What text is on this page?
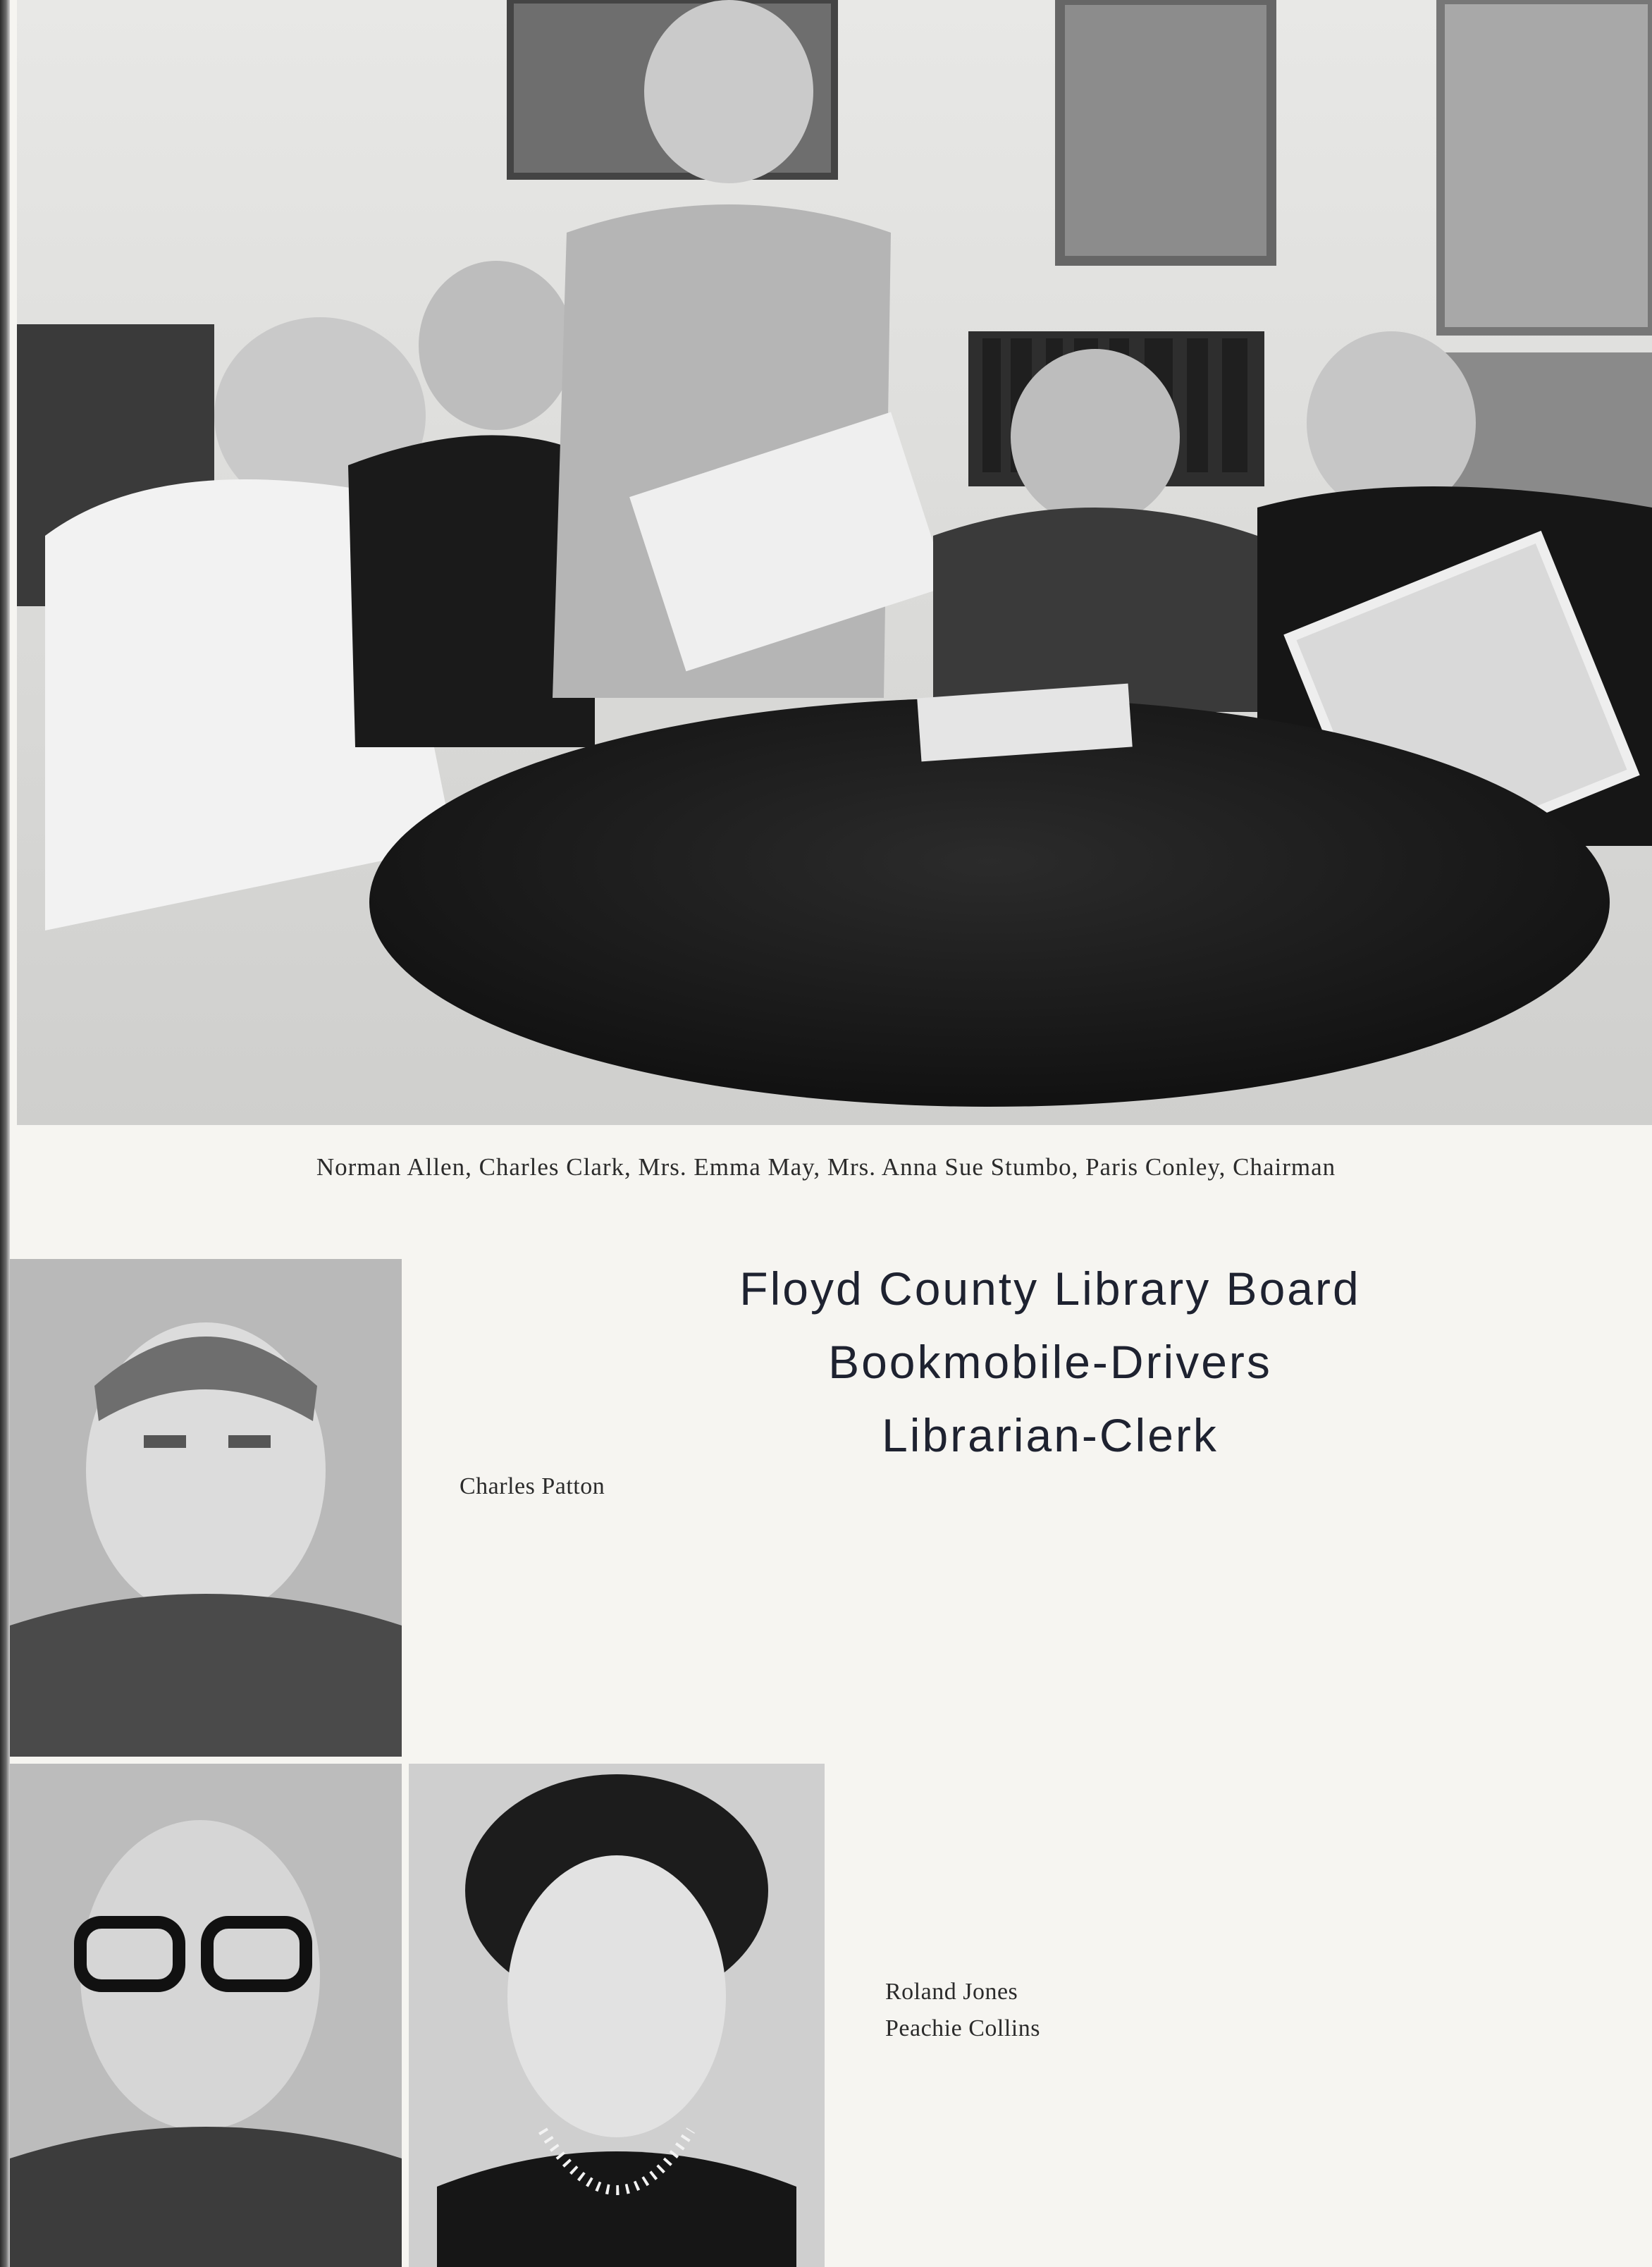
Norman Allen, Charles Clark, Mrs. Emma May, Mrs. Anna Sue Stumbo, Paris Conley, Chairman
Floyd County Library Board
Bookmobile-Drivers
Librarian-Clerk
Charles Patton
Roland Jones
Peachie Collins
